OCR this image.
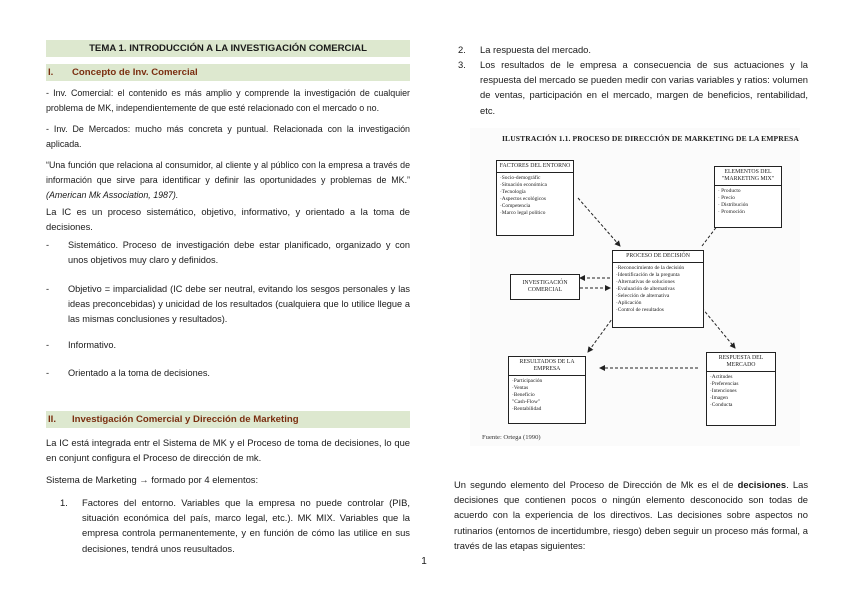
TEMA 1. INTRODUCCIÓN A LA INVESTIGACIÓN COMERCIAL
I. Concepto de Inv. Comercial
- Inv. Comercial: el contenido es más amplio y comprende la investigación de cualquier problema de MK, independientemente de que esté relacionado con el mercado o no.
- Inv. De Mercados: mucho más concreta y puntual. Relacionada con la investigación aplicada.
“Una función que relaciona al consumidor, al cliente y al público con la empresa a través de información que sirve para identificar y definir las oportunidades y problemas de MK.” (American Mk Association, 1987).
La IC es un proceso sistemático, objetivo, informativo, y orientado a la toma de decisiones.
- Sistemático. Proceso de investigación debe estar planificado, organizado y con unos objetivos muy claro y definidos.
- Objetivo = imparcialidad (IC debe ser neutral, evitando los sesgos personales y las ideas preconcebidas) y unicidad de los resultados (cualquiera que lo utilice llegue a las mismas conclusiones y resultados).
- Informativo.
- Orientado a la toma de decisiones.
II. Investigación Comercial y Dirección de Marketing
La IC está integrada entr el Sistema de MK y el Proceso de toma de decisiones, lo que en conjunt configura el Proceso de dirección de mk.
Sistema de Marketing → formado por 4 elementos:
1. Factores del entorno. Variables que la empresa no puede controlar (PIB, situación económica del país, marco legal, etc.). MK MIX. Variables que la empresa controla permanentemente, y en función de cómo las utilice en sus decisiones, tendrá unos reusultados.
2. La respuesta del mercado.
3. Los resultados de le empresa a consecuencia de sus actuaciones y la respuesta del mercado se pueden medir con varias variables y ratios: volumen de ventas, participación en el mercado, margen de beneficios, rentabilidad, etc.
ILUSTRACIÓN 1.1. PROCESO DE DIRECCIÓN DE MARKETING DE LA EMPRESA
FACTORES DEL ENTORNO
·Socio-demográfic
·Situación económica
·Tecnología
·Aspectos ecológicos
·Competencia
·Marco legal político
ELEMENTOS DEL "MARKETING MIX"
· Producto
· Precio
· Distribución
· Promoción
PROCESO DE DECISIÓN
·Reconocimiento de la decisión
·Identificación de la pregunta
·Alternativas de soluciones
·Evaluación de alternativas
·Selección de alternativa
·Aplicación
·Control de resultados
INVESTIGACIÓN COMERCIAL
RESULTADOS DE LA EMPRESA
·Participación
·Ventas
·Beneficio
"Cash-Flow"
·Rentabilidad
RESPUESTA DEL MERCADO
·Actitudes
·Preferencias
·Intenciones
·Imagen
·Conducta
Fuente: Ortega (1990)
Un segundo elemento del Proceso de Dirección de Mk es el de decisiones. Las decisiones que contienen pocos o ningún elemento desconocido son todas de acuerdo con la experiencia de los directivos. Las decisiones sobre aspectos no rutinarios (entornos de incertidumbre, riesgo) deben seguir un proceso más formal, a través de las etapas siguientes:
1
